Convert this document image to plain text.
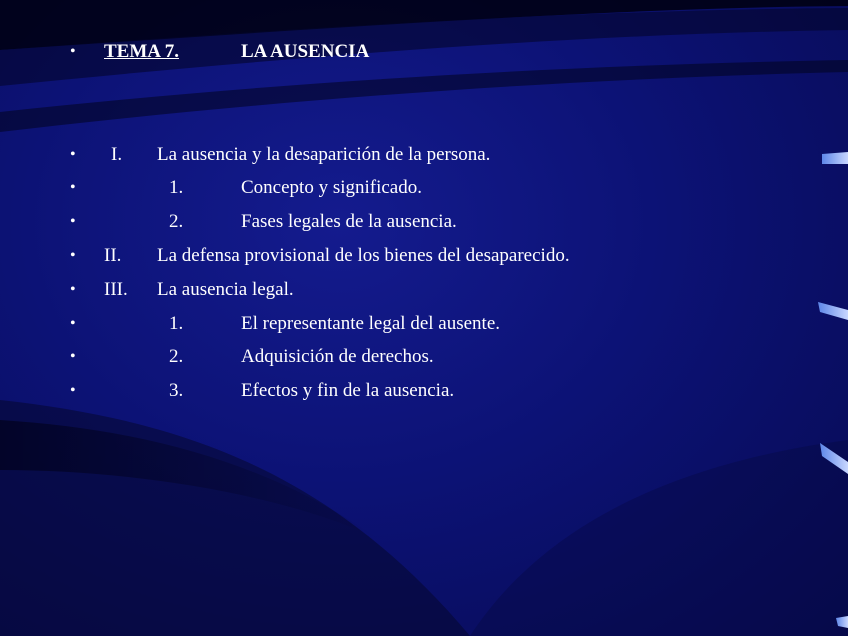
• TEMA 7.	LA AUSENCIA
• I. La ausencia y la desaparición de la persona.
•	1.	Concepto y significado.
•	2.	Fases legales de la ausencia.
• II. La defensa provisional de los bienes del desaparecido.
• III. La ausencia legal.
•	1.	El representante legal del ausente.
•	2.	Adquisición de derechos.
•	3.	Efectos y fin de la ausencia.
